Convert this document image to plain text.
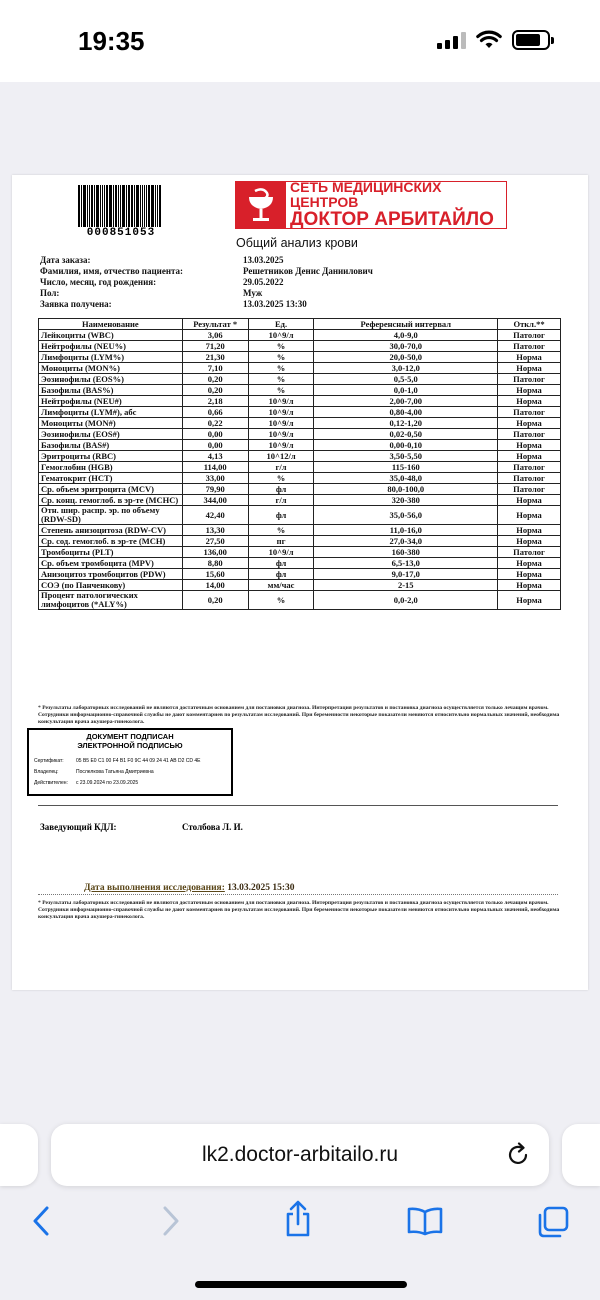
19:35
000851053
СЕТЬ МЕДИЦИНСКИХ ЦЕНТРОВ
ДОКТОР АРБИТАЙЛО
Общий анализ крови
Дата заказа:	13.03.2025
Фамилия, имя, отчество пациента:	Решетников Денис Даниилович
Число, месяц, год рождения:	29.05.2022
Пол:	Муж
Заявка получена:	13.03.2025 13:30
Наименование	Результат *	Ед.	Референсный интервал	Откл.**
Лейкоциты (WBC)	3,06	10^9/л	4,0-9,0	Патолог
Нейтрофилы (NEU%)	71,20	%	30,0-70,0	Патолог
Лимфоциты (LYM%)	21,30	%	20,0-50,0	Норма
Моноциты (MON%)	7,10	%	3,0-12,0	Норма
Эозинофилы (EOS%)	0,20	%	0,5-5,0	Патолог
Базофилы (BAS%)	0,20	%	0,0-1,0	Норма
Нейтрофилы (NEU#)	2,18	10^9/л	2,00-7,00	Норма
Лимфоциты (LYM#), абс	0,66	10^9/л	0,80-4,00	Патолог
Моноциты (MON#)	0,22	10^9/л	0,12-1,20	Норма
Эозинофилы (EOS#)	0,00	10^9/л	0,02-0,50	Патолог
Базофилы (BAS#)	0,00	10^9/л	0,00-0,10	Норма
Эритроциты (RBC)	4,13	10^12/л	3,50-5,50	Норма
Гемоглобин (HGB)	114,00	г/л	115-160	Патолог
Гематокрит (HCT)	33,00	%	35,0-48,0	Патолог
Ср. объем эритроцита (MCV)	79,90	фл	80,0-100,0	Патолог
Ср. конц. гемоглоб. в эр-те (MCHC)	344,00	г/л	320-380	Норма
Отн. шир. распр. эр. по объему (RDW-SD)	42,40	фл	35,0-56,0	Норма
Степень анизоцитоза (RDW-CV)	13,30	%	11,0-16,0	Норма
Ср. сод. гемоглоб. в эр-те (MCH)	27,50	пг	27,0-34,0	Норма
Тромбоциты (PLT)	136,00	10^9/л	160-380	Патолог
Ср. объем тромбоцита (MPV)	8,80	фл	6,5-13,0	Норма
Анизоцитоз тромбоцитов (PDW)	15,60	фл	9,0-17,0	Норма
СОЭ (по Панченкову)	14,00	мм/час	2-15	Норма
Процент патологических лимфоцитов (*ALY%)	0,20	%	0,0-2,0	Норма
* Результаты лабораторных исследований не являются достаточным основанием для постановки диагноза. Интерпретация результатов и постановка диагноза осуществляется только лечащим врачом. Сотрудники информационно-справочной службы не дают комментариев по результатам исследований. При беременности некоторые показатели меняются относительно нормальных значений, необходима консультация врача акушера-гинеколога.
ДОКУМЕНТ ПОДПИСАН
ЭЛЕКТРОННОЙ ПОДПИСЬЮ
Сертификат:	05 B5 E0 C1 00 F4 B1 F0 9C 44 09 24 41 AB D2 CD 4E
Владелец:	Послелкова Татьяна Дмитриевна
Действителен:	с 23.09.2024 по 23.09.2025
Заведующий КДЛ:	Столбова Л. И.
Дата выполнения исследования: 13.03.2025 15:30
* Результаты лабораторных исследований не являются достаточным основанием для постановки диагноза. Интерпретация результатов и постановка диагноза осуществляется только лечащим врачом. Сотрудники информационно-справочной службы не дают комментариев по результатам исследований. При беременности некоторые показатели меняются относительно нормальных значений, необходима консультация врача акушера-гинеколога.
lk2.doctor-arbitailo.ru
